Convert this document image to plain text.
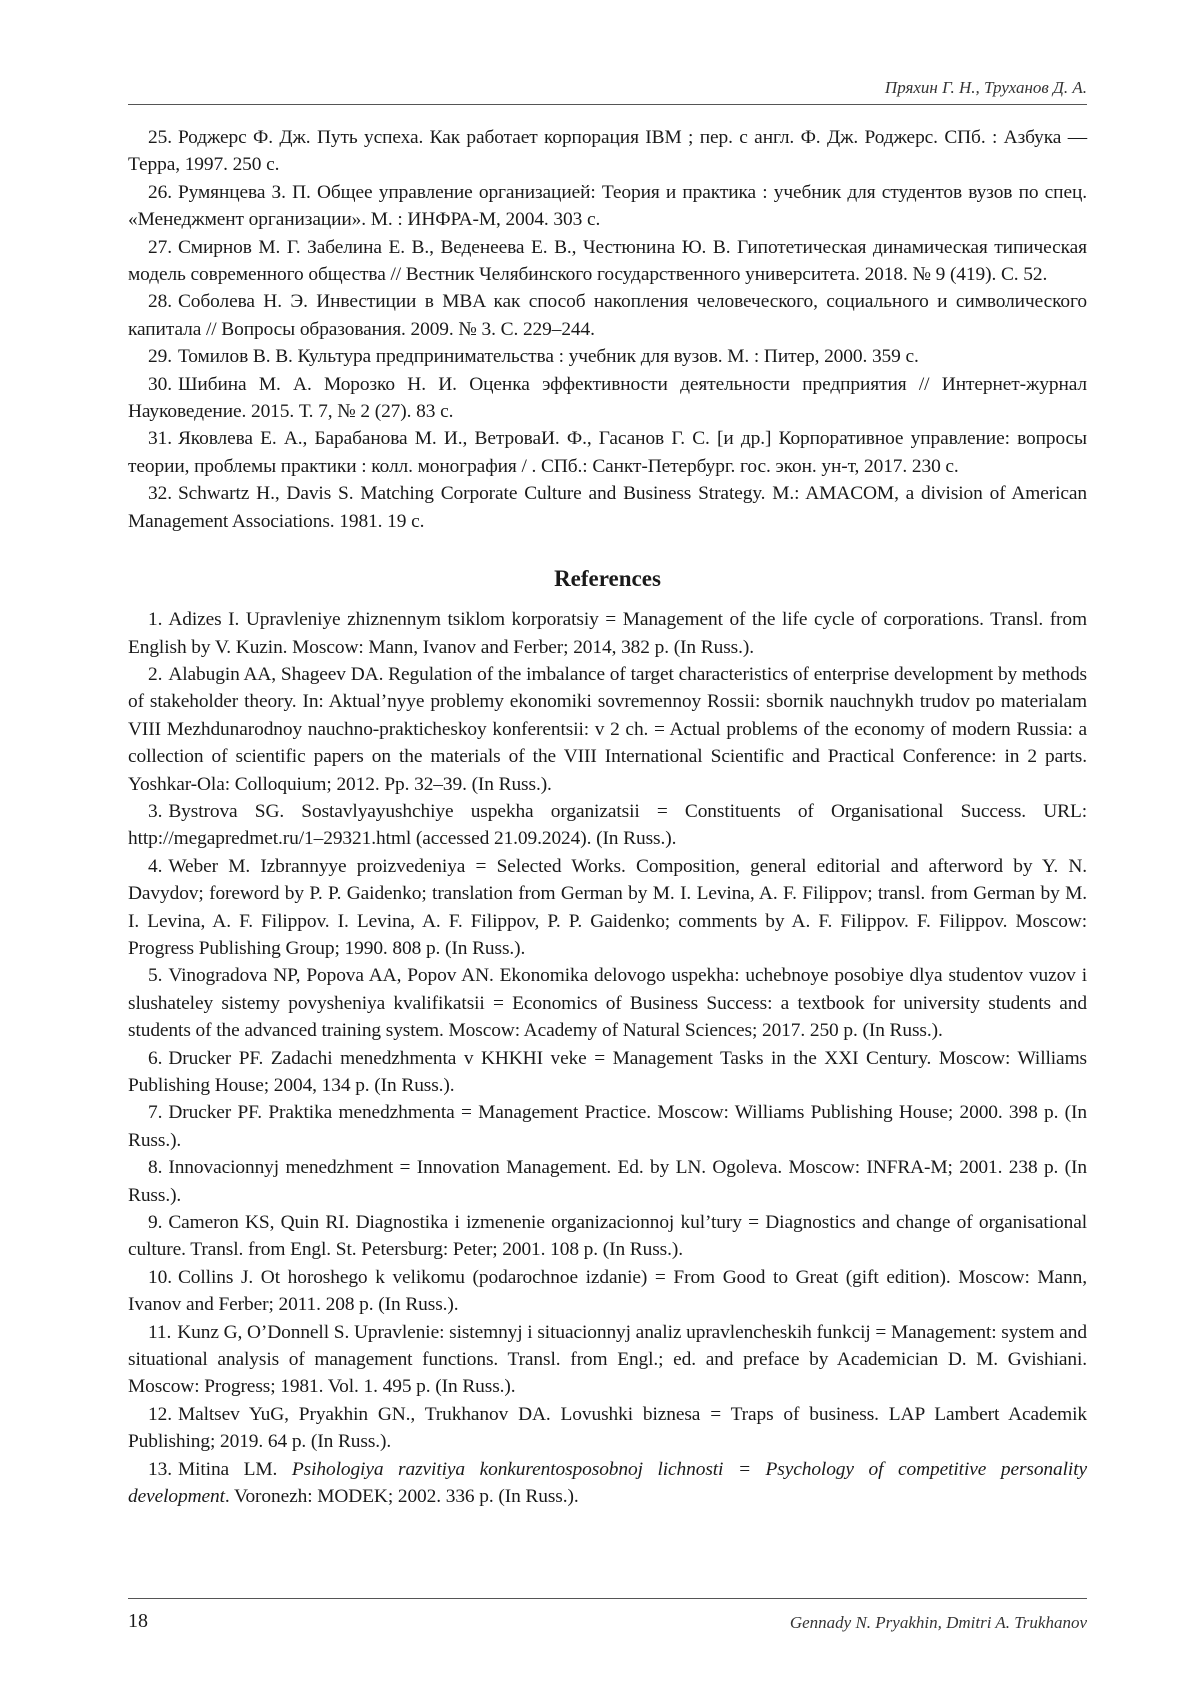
Пряхин Г. Н., Труханов Д. А.

25. Роджерс Ф. Дж. Путь успеха. Как работает корпорация IBM ; пер. с англ. Ф. Дж. Роджерс. СПб. : Азбука — Терра, 1997. 250 с.

26. Румянцева З. П. Общее управление организацией: Теория и практика : учебник для студентов вузов по спец. «Менеджмент организации». М. : ИНФРА-М, 2004. 303 с.

27. Смирнов М. Г. Забелина Е. В., Веденеева Е. В., Честюнина Ю. В. Гипотетическая динамическая типическая модель современного общества // Вестник Челябинского государственного университета. 2018. № 9 (419). С. 52.

28. Соболева Н. Э. Инвестиции в MBA как способ накопления человеческого, социального и символического капитала // Вопросы образования. 2009. № 3. С. 229–244.

29. Томилов В. В. Культура предпринимательства : учебник для вузов. М. : Питер, 2000. 359 с.

30. Шибина М. А. Морозко Н. И. Оценка эффективности деятельности предприятия // Интернет-журнал Науковедение. 2015. Т. 7, № 2 (27). 83 с.

31. Яковлева Е. А., Барабанова М. И., ВетроваИ. Ф., Гасанов Г. С. [и др.] Корпоративное управление: вопросы теории, проблемы практики : колл. монография / . СПб.: Санкт-Петербург. гос. экон. ун-т, 2017. 230 с.

32. Schwartz H., Davis S. Matching Corporate Culture and Business Strategy. M.: AMACOM, a division of American Management Associations. 1981. 19 c.

References

1. Adizes I. Upravleniye zhiznennym tsiklom korporatsiy = Management of the life cycle of corporations. Transl. from English by V. Kuzin. Moscow: Mann, Ivanov and Ferber; 2014, 382 p. (In Russ.).

2. Alabugin AA, Shageev DA. Regulation of the imbalance of target characteristics of enterprise development by methods of stakeholder theory. In: Aktual’nyye problemy ekonomiki sovremennoy Rossii: sbornik nauchnykh trudov po materialam VIII Mezhdunarodnoy nauchno-prakticheskoy konferentsii: v 2 ch. = Actual problems of the economy of modern Russia: a collection of scientific papers on the materials of the VIII International Scientific and Practical Conference: in 2 parts. Yoshkar-Ola: Colloquium; 2012. Pp. 32–39. (In Russ.).

3. Bystrova SG. Sostavlyayushchiye uspekha organizatsii = Constituents of Organisational Success. URL: http://megapredmet.ru/1–29321.html (accessed 21.09.2024). (In Russ.).

4. Weber M. Izbrannyye proizvedeniya = Selected Works. Composition, general editorial and afterword by Y. N. Davydov; foreword by P. P. Gaidenko; translation from German by M. I. Levina, A. F. Filippov; transl. from German by M. I. Levina, A. F. Filippov. I. Levina, A. F. Filippov, P. P. Gaidenko; comments by A. F. Filippov. F. Filippov. Moscow: Progress Publishing Group; 1990. 808 p. (In Russ.).

5. Vinogradova NP, Popova AA, Popov AN. Ekonomika delovogo uspekha: uchebnoye posobiye dlya studentov vuzov i slushateley sistemy povysheniya kvalifikatsii = Economics of Business Success: a textbook for university students and students of the advanced training system. Moscow: Academy of Natural Sciences; 2017. 250 p. (In Russ.).

6. Drucker PF. Zadachi menedzhmenta v KHKHI veke = Management Tasks in the XXI Century. Moscow: Williams Publishing House; 2004, 134 p. (In Russ.).

7. Drucker PF. Praktika menedzhmenta = Management Practice. Moscow: Williams Publishing House; 2000. 398 p. (In Russ.).

8. Innovacionnyj menedzhment = Innovation Management. Ed. by LN. Ogoleva. Moscow: INFRA-M; 2001. 238 p. (In Russ.).

9. Cameron KS, Quin RI. Diagnostika i izmenenie organizacionnoj kul’tury = Diagnostics and change of organisational culture. Transl. from Engl. St. Petersburg: Peter; 2001. 108 p. (In Russ.).

10. Collins J. Ot horoshego k velikomu (podarochnoe izdanie) = From Good to Great (gift edition). Moscow: Mann, Ivanov and Ferber; 2011. 208 p. (In Russ.).

11. Kunz G, O’Donnell S. Upravlenie: sistemnyj i situacionnyj analiz upravlencheskih funkcij = Management: system and situational analysis of management functions. Transl. from Engl.; ed. and preface by Academician D. M. Gvishiani. Moscow: Progress; 1981. Vol. 1. 495 p. (In Russ.).

12. Maltsev YuG, Pryakhin GN., Trukhanov DA. Lovushki biznesa = Traps of business. LAP Lambert Academik Publishing; 2019. 64 p. (In Russ.).

13. Mitina LM. Psihologiya razvitiya konkurentosposobnoj lichnosti = Psychology of competitive personality development. Voronezh: MODEK; 2002. 336 p. (In Russ.).

18	Gennady N. Pryakhin, Dmitri A. Trukhanov
